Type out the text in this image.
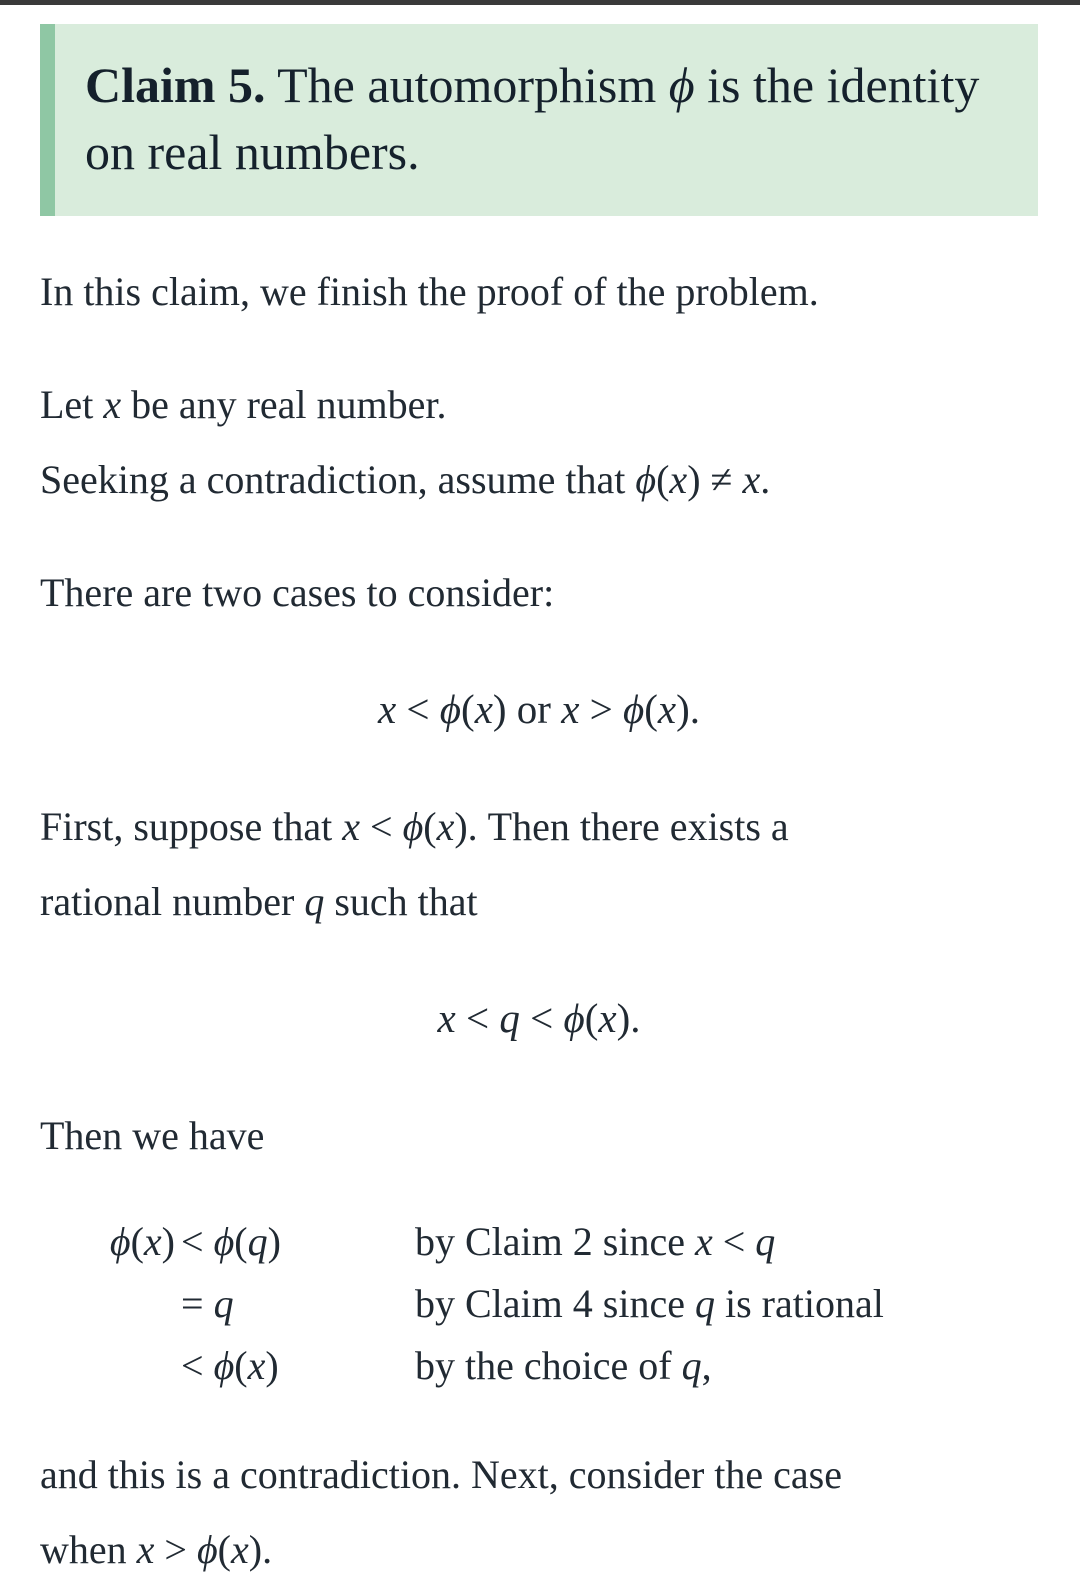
Claim 5. The automorphism ϕ is the identity on real numbers.
In this claim, we finish the proof of the problem.
Let x be any real number.
Seeking a contradiction, assume that ϕ(x) ≠ x.
There are two cases to consider:
x < ϕ(x) or x > ϕ(x).
First, suppose that x < ϕ(x). Then there exists a
rational number q such that
x < q < ϕ(x).
Then we have
ϕ(x) < ϕ(q)	by Claim 2 since x < q
= q	by Claim 4 since q is rational
< ϕ(x)	by the choice of q,
and this is a contradiction. Next, consider the case
when x > ϕ(x).
